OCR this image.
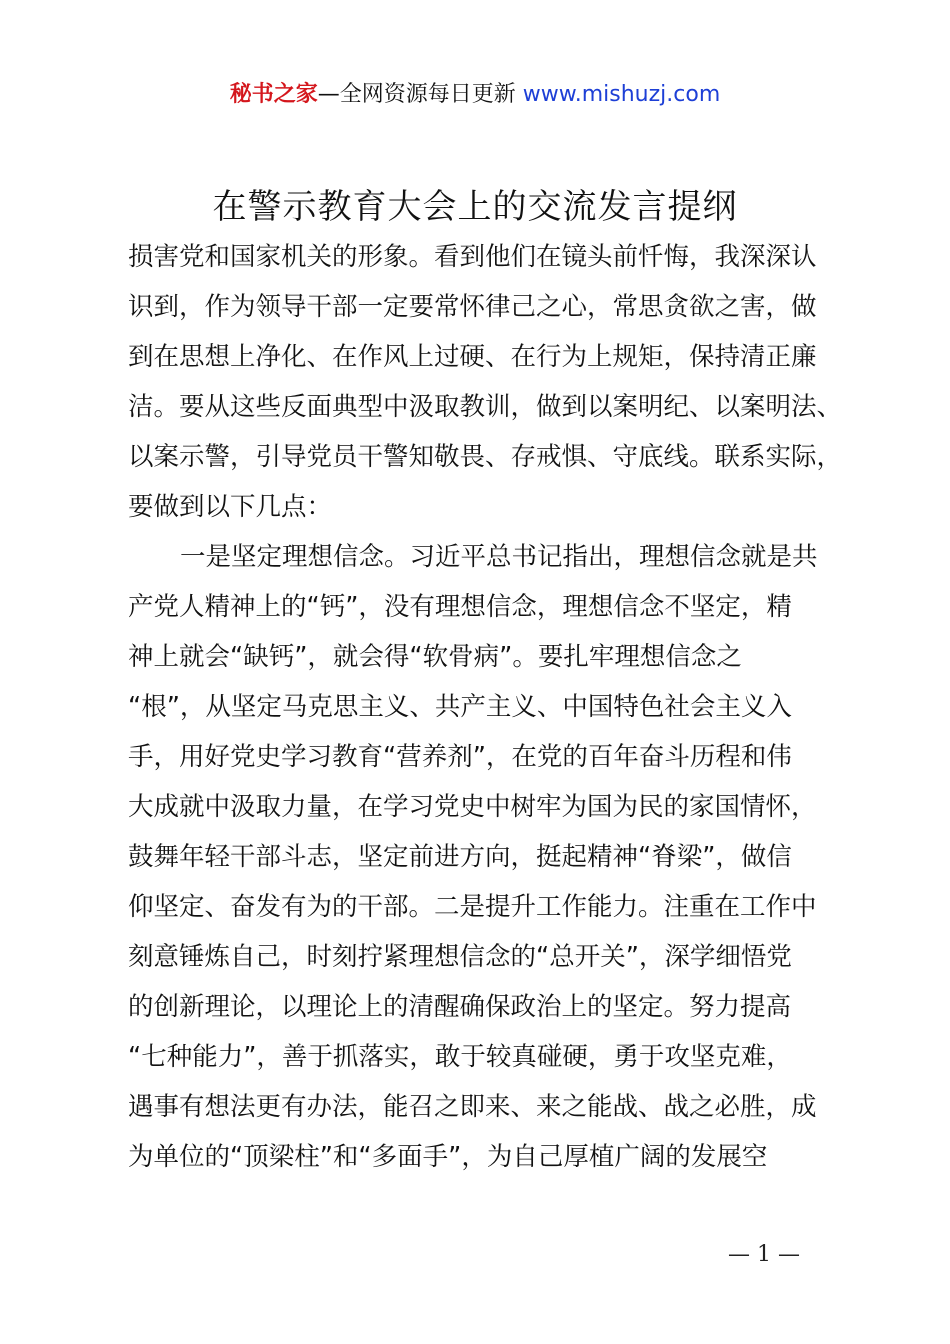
秘书之家—全网资源每日更新 www.mishuzj.com
在警示教育大会上的交流发言提纲
损害党和国家机关的形象。看到他们在镜头前忏悔，我深深认
识到，作为领导干部一定要常怀律己之心，常思贪欲之害，做
到在思想上净化、在作风上过硬、在行为上规矩，保持清正廉
洁。要从这些反面典型中汲取教训，做到以案明纪、以案明法、
以案示警，引导党员干警知敬畏、存戒惧、守底线。联系实际，
要做到以下几点：
一是坚定理想信念。习近平总书记指出，理想信念就是共
产党人精神上的“钙”，没有理想信念，理想信念不坚定，精
神上就会“缺钙”，就会得“软骨病”。要扎牢理想信念之
“根”，从坚定马克思主义、共产主义、中国特色社会主义入
手，用好党史学习教育“营养剂”，在党的百年奋斗历程和伟
大成就中汲取力量，在学习党史中树牢为国为民的家国情怀，
鼓舞年轻干部斗志，坚定前进方向，挺起精神“脊梁”，做信
仰坚定、奋发有为的干部。二是提升工作能力。注重在工作中
刻意锤炼自己，时刻拧紧理想信念的“总开关”，深学细悟党
的创新理论，以理论上的清醒确保政治上的坚定。努力提高
“七种能力”，善于抓落实，敢于较真碰硬，勇于攻坚克难，
遇事有想法更有办法，能召之即来、来之能战、战之必胜，成
为单位的“顶梁柱”和“多面手”，为自己厚植广阔的发展空
— 1 —
